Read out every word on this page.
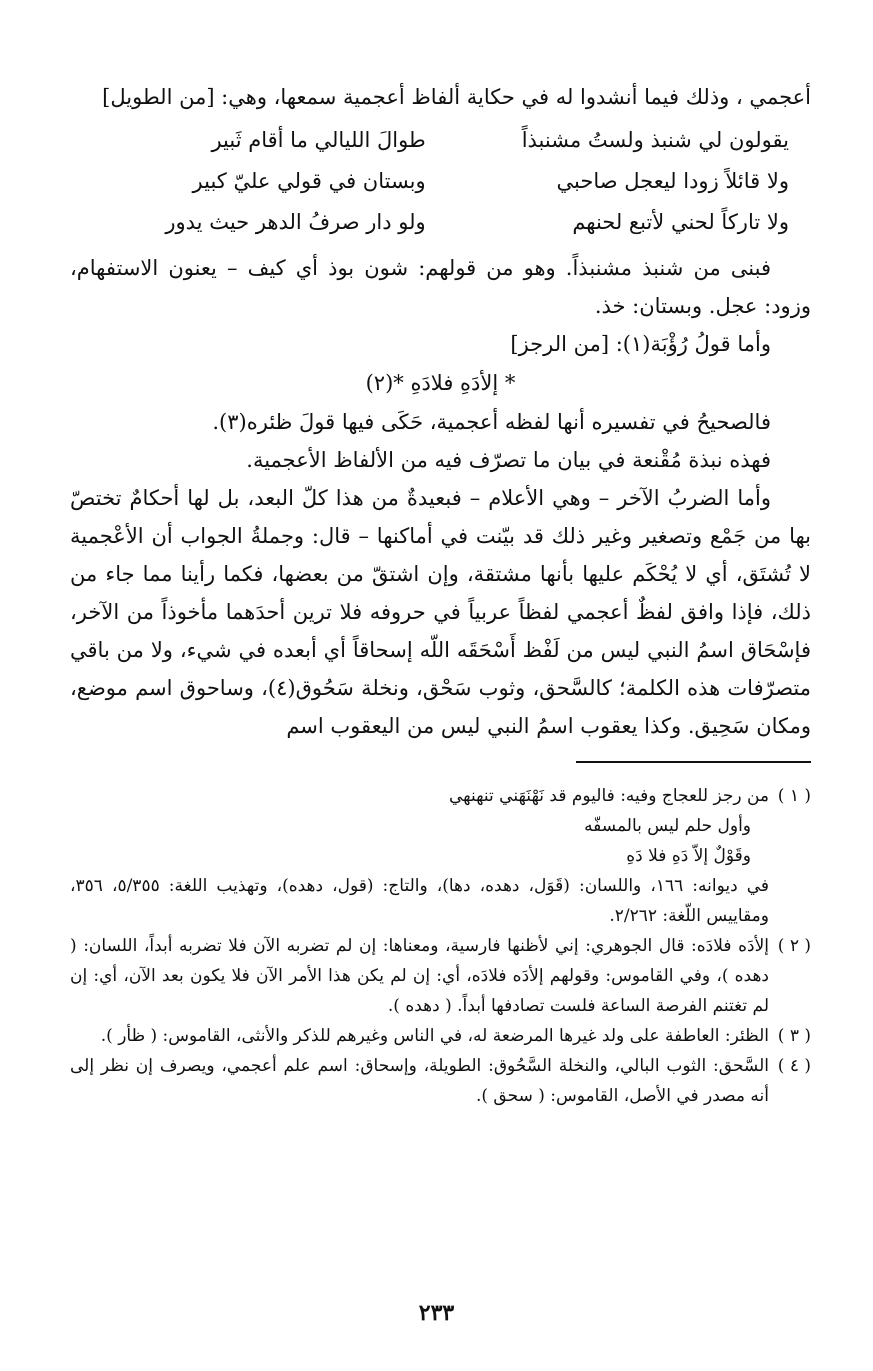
أعجمي ، وذلك فيما أنشدوا له في حكاية ألفاظ أعجمية سمعها، وهي: [من الطويل]

يقولون لي شنبذ ولستُ مشنبذاً
طوالَ الليالي ما أقام ثَبير
ولا قائلاً زودا ليعجل صاحبي
وبستان في قولي عليّ كبير
ولا تاركاً لحني لأتبع لحنهم
ولو دار صرفُ الدهر حيث يدور

فبنى من شنبذ مشنبذاً. وهو من قولهم: شون بوذ أي كيف – يعنون الاستفهام، وزود: عجل. وبستان: خذ.

وأما قولُ رُؤْبَة(١): [من الرجز]

* إلأدَهِ فلادَهِ *(٢)

فالصحيحُ في تفسيره أنها لفظه أعجمية، حَكَى فيها قولَ ظئره(٣).

فهذه نبذة مُقْنعة في بيان ما تصرّف فيه من الألفاظ الأعجمية.

وأما الضربُ الآخر – وهي الأعلام – فبعيدةٌ من هذا كلّ البعد، بل لها أحكامٌ تختصّ بها من جَمْع وتصغير وغير ذلك قد بيّنت في أماكنها – قال: وجملةُ الجواب أن الأعْجمية لا تُشتَق، أي لا يُحْكَم عليها بأنها مشتقة، وإن اشتقّ من بعضها، فكما رأينا مما جاء من ذلك، فإذا وافق لفظٌ أعجمي لفظاً عربياً في حروفه فلا ترين أحدَهما مأخوذاً من الآخر، فإسْحَاق اسمُ النبي ليس من لَفْظ أَسْحَقَه اللّه إسحاقاً أي أبعده في شيء، ولا من باقي متصرّفات هذه الكلمة؛ كالسَّحق، وثوب سَحْق، ونخلة سَحُوق(٤)، وساحوق اسم موضع، ومكان سَحِيق. وكذا يعقوب اسمُ النبي ليس من اليعقوب اسم

( ١ )
من رجز للعجاج وفيه: فاليوم قد نَهْنَهَني تنهنهي
وأول حلم ليس بالمسفّه
وقَوْلٌ إلاّ دَهِ فلا دَهِ
في ديوانه: ١٦٦، واللسان: (قَوَل، دهده، دها)، والتاج: (قول، دهده)، وتهذيب اللغة: ٥/٣٥٥، ٣٥٦، ومقاييس اللّغة: ٢/٢٦٢.

( ٢ )
إلأدَه فلادَه: قال الجوهري: إني لأظنها فارسية، ومعناها: إن لم تضربه الآن فلا تضربه أبداً، اللسان: ( دهده )، وفي القاموس: وقولهم إلأدَه فلادَه، أي: إن لم يكن هذا الأمر الآن فلا يكون بعد الآن، أي: إن لم تغتنم الفرصة الساعة فلست تصادفها أبداً. ( دهده ).

( ٣ )
الظئر: العاطفة على ولد غيرها المرضعة له، في الناس وغيرهم للذكر والأنثى، القاموس: ( ظأر ).

( ٤ )
السَّحق: الثوب البالي، والنخلة السَّحُوق: الطويلة، وإسحاق: اسم علم أعجمي، ويصرف إن نظر إلى أنه مصدر في الأصل، القاموس: ( سحق ).

٢٣٣
